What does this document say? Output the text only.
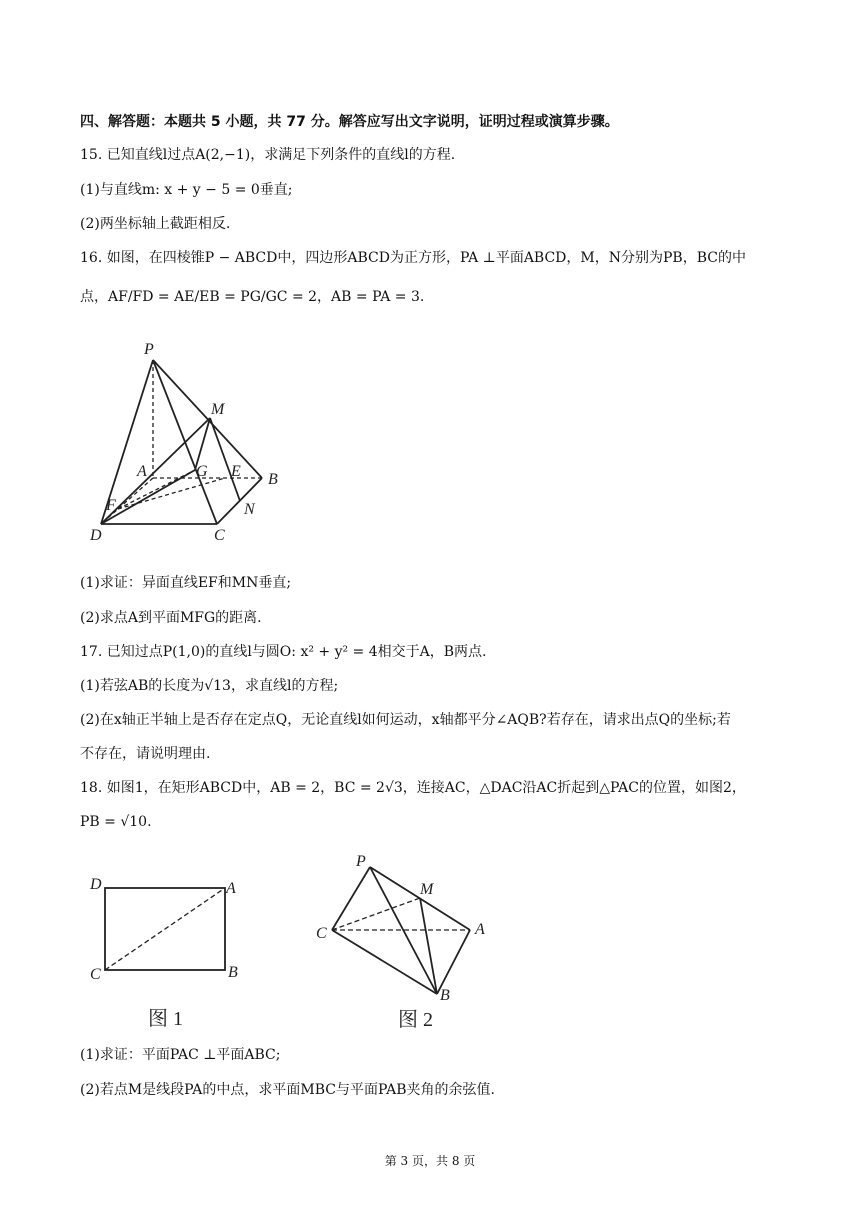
四、解答题：本题共 5 小题，共 77 分。解答应写出文字说明，证明过程或演算步骤。
15. 已知直线l过点A(2,−1)，求满足下列条件的直线l的方程.
(1)与直线m: x + y − 5 = 0垂直;
(2)两坐标轴上截距相反.
16. 如图，在四棱锥P − ABCD中，四边形ABCD为正方形，PA ⊥平面ABCD，M，N分别为PB，BC的中
点，AF/FD = AE/EB = PG/GC = 2，AB = PA = 3.
P
M
A	G E B
F
D	C
N
(1)求证：异面直线EF和MN垂直;
(2)求点A到平面MFG的距离.
17. 已知过点P(1,0)的直线l与圆O: x² + y² = 4相交于A，B两点.
(1)若弦AB的长度为√13，求直线l的方程;
(2)在x轴正半轴上是否存在定点Q，无论直线l如何运动，x轴都平分∠AQB?若存在，请求出点Q的坐标;若
不存在，请说明理由.
18. 如图1，在矩形ABCD中，AB = 2，BC = 2√3，连接AC，△DAC沿AC折起到△PAC的位置，如图2，
PB = √10.
D	A
C	B
图 1
P
M
C	A
B
图 2
(1)求证：平面PAC ⊥平面ABC;
(2)若点M是线段PA的中点，求平面MBC与平面PAB夹角的余弦值.
第 3 页，共 8 页
